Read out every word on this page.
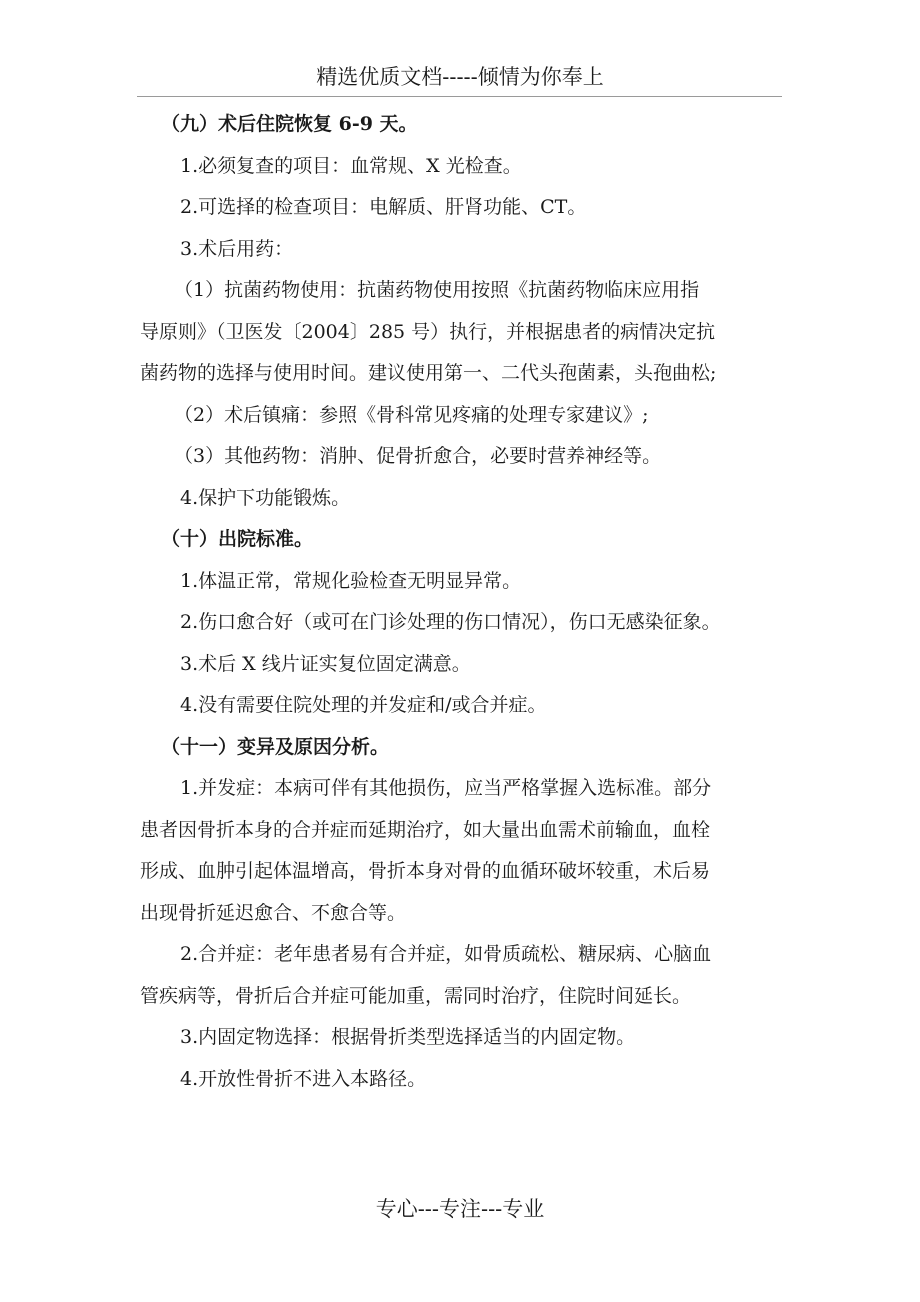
精选优质文档-----倾情为你奉上
（九）术后住院恢复 6-9 天。
1.必须复查的项目：血常规、X 光检查。
2.可选择的检查项目：电解质、肝肾功能、CT。
3.术后用药：
（1）抗菌药物使用：抗菌药物使用按照《抗菌药物临床应用指
导原则》（卫医发〔2004〕285 号）执行，并根据患者的病情决定抗
菌药物的选择与使用时间。建议使用第一、二代头孢菌素，头孢曲松;
（2）术后镇痛：参照《骨科常见疼痛的处理专家建议》;
（3）其他药物：消肿、促骨折愈合，必要时营养神经等。
4.保护下功能锻炼。
（十）出院标准。
1.体温正常，常规化验检查无明显异常。
2.伤口愈合好（或可在门诊处理的伤口情况），伤口无感染征象。
3.术后 X 线片证实复位固定满意。
4.没有需要住院处理的并发症和/或合并症。
（十一）变异及原因分析。
1.并发症：本病可伴有其他损伤，应当严格掌握入选标准。部分
患者因骨折本身的合并症而延期治疗，如大量出血需术前输血，血栓
形成、血肿引起体温增高，骨折本身对骨的血循环破坏较重，术后易
出现骨折延迟愈合、不愈合等。
2.合并症：老年患者易有合并症，如骨质疏松、糖尿病、心脑血
管疾病等，骨折后合并症可能加重，需同时治疗，住院时间延长。
3.内固定物选择：根据骨折类型选择适当的内固定物。
4.开放性骨折不进入本路径。
专心---专注---专业
